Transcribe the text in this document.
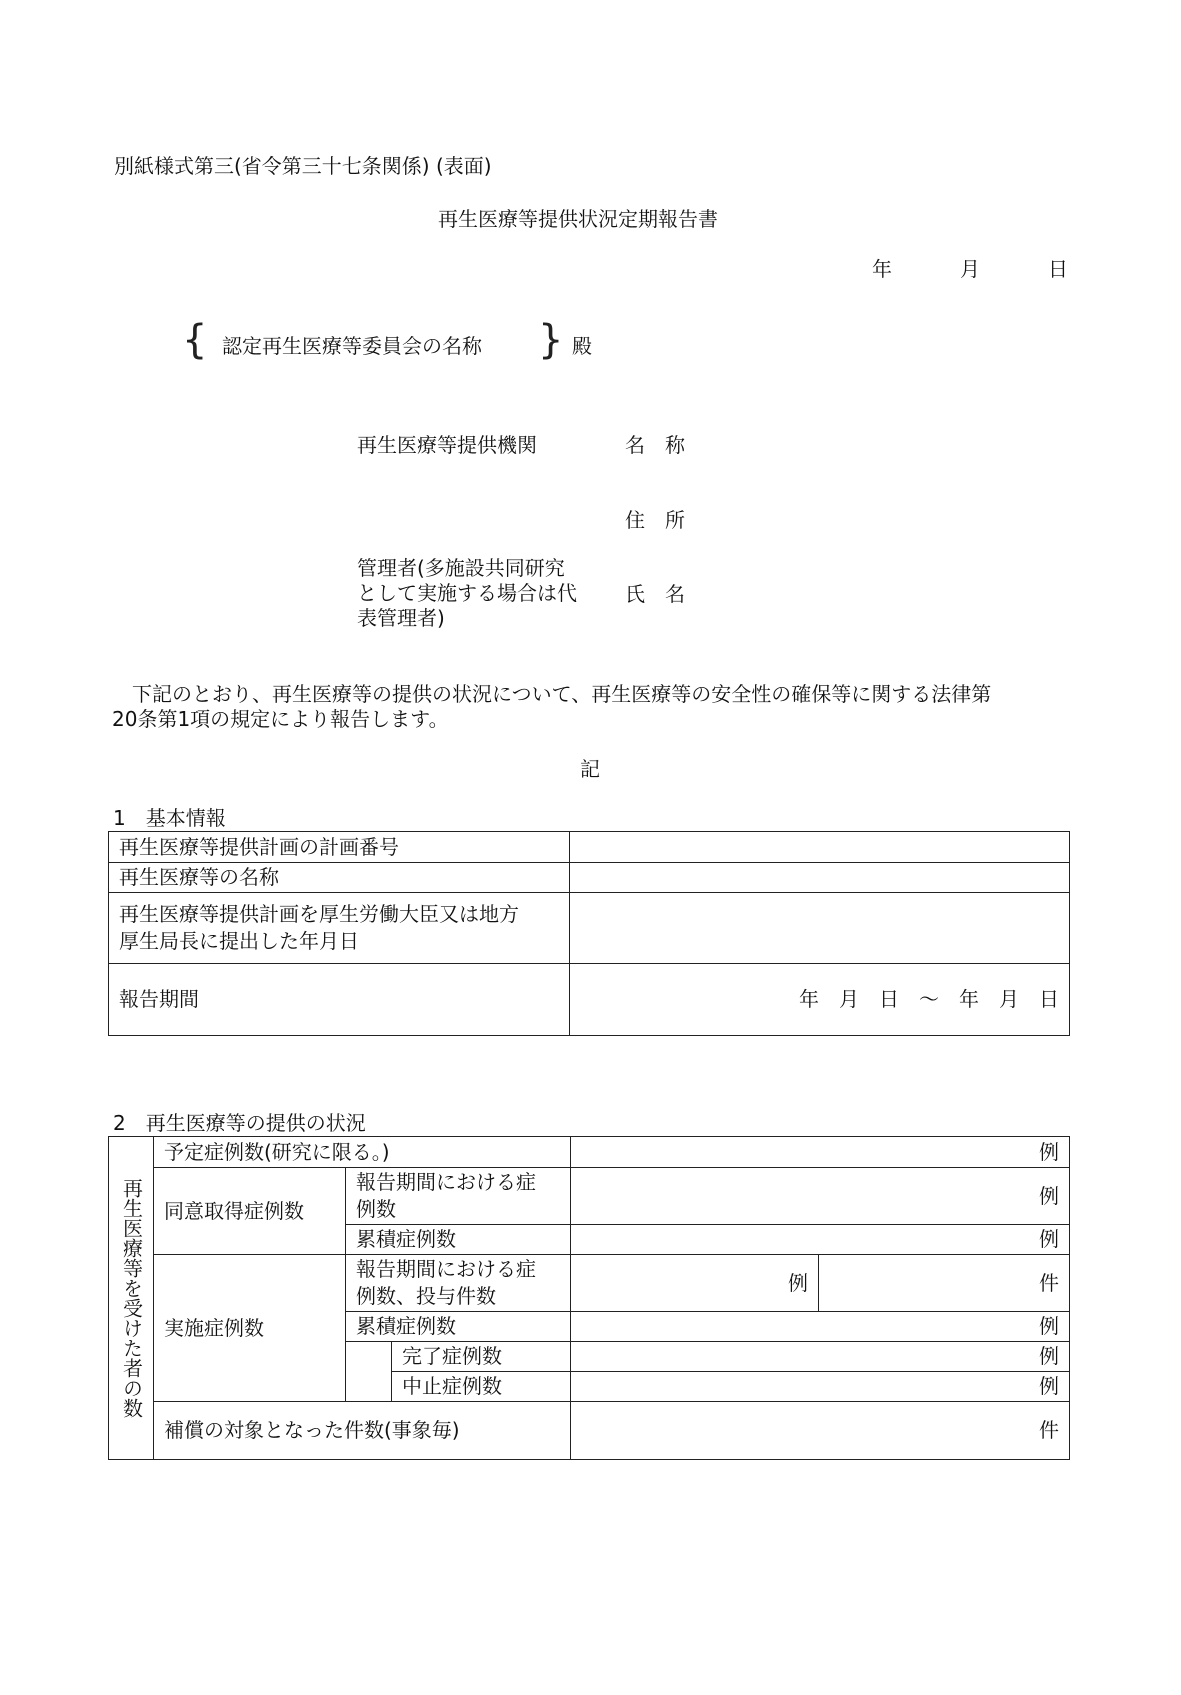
別紙様式第三(省令第三十七条関係) (表面)
再生医療等提供状況定期報告書
年	月	日
{ 認定再生医療等委員会の名称 } 殿
再生医療等提供機関	名　称
住　所
管理者(多施設共同研究
として実施する場合は代
表管理者)
氏　名
　下記のとおり、再生医療等の提供の状況について、再生医療等の安全性の確保等に関する法律第
20条第1項の規定により報告します。
記
1　基本情報
再生医療等提供計画の計画番号	
再生医療等の名称	

再生医療等提供計画を厚生労働大臣又は地方
厚生局長に提出した年月日	

報告期間	年　月　日　～　年　月　日
2　再生医療等の提供の状況
再生医療等を受けた者の数	予定症例数(研究に限る。)			例	
	同意取得症例数	報告期間における症
例数		例	
		累積症例数		例	
	実施症例数	報告期間における症
例数、投与件数		例	件
		累積症例数		例	
			完了症例数	例	
			中止症例数	例	
	補償の対象となった件数(事象毎)			件	
